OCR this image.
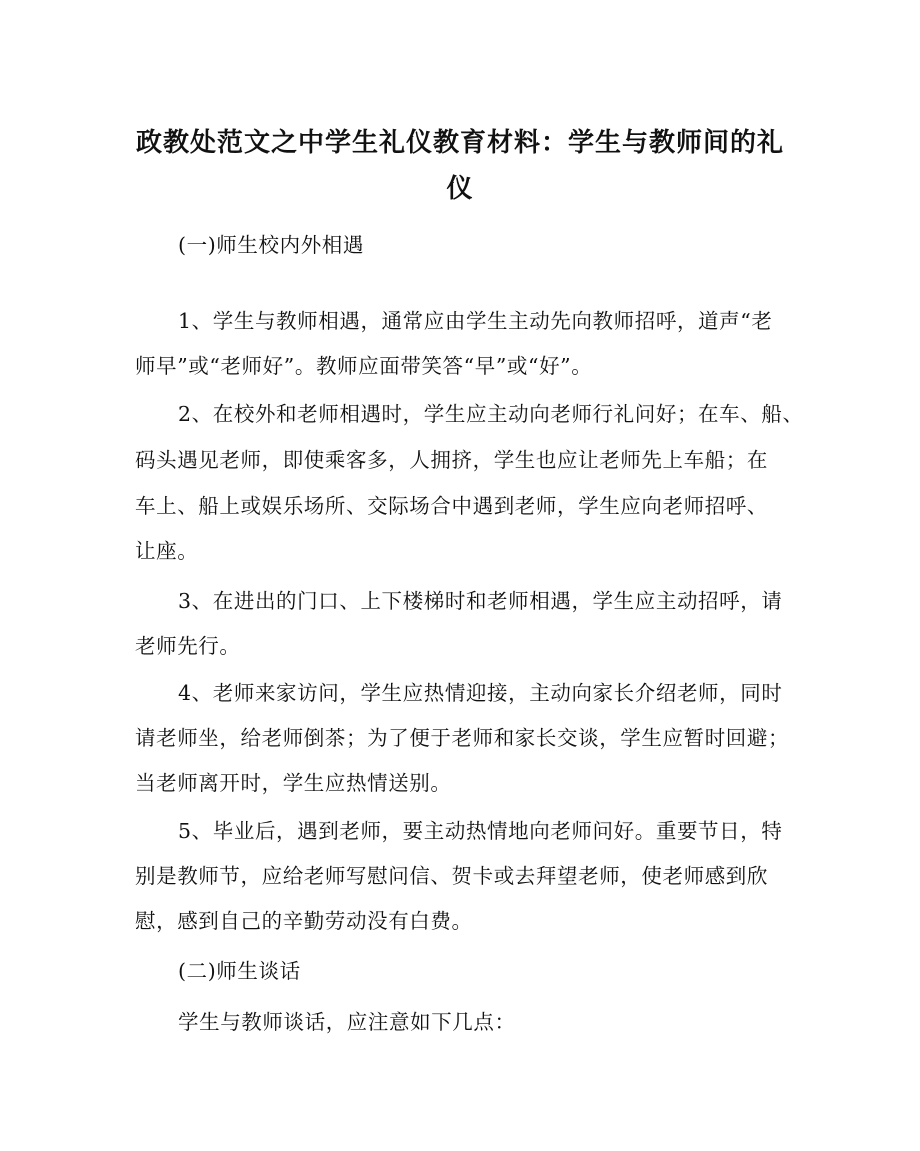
政教处范文之中学生礼仪教育材料：学生与教师间的礼
仪
(一)师生校内外相遇
1、学生与教师相遇，通常应由学生主动先向教师招呼，道声“老
师早”或“老师好”。教师应面带笑答“早”或“好”。
2、在校外和老师相遇时，学生应主动向老师行礼问好；在车、船、
码头遇见老师，即使乘客多，人拥挤，学生也应让老师先上车船；在
车上、船上或娱乐场所、交际场合中遇到老师，学生应向老师招呼、
让座。
3、在进出的门口、上下楼梯时和老师相遇，学生应主动招呼，请
老师先行。
4、老师来家访问，学生应热情迎接，主动向家长介绍老师，同时
请老师坐，给老师倒茶；为了便于老师和家长交谈，学生应暂时回避；
当老师离开时，学生应热情送别。
5、毕业后，遇到老师，要主动热情地向老师问好。重要节日，特
别是教师节，应给老师写慰问信、贺卡或去拜望老师，使老师感到欣
慰，感到自己的辛勤劳动没有白费。
(二)师生谈话
学生与教师谈话，应注意如下几点：
